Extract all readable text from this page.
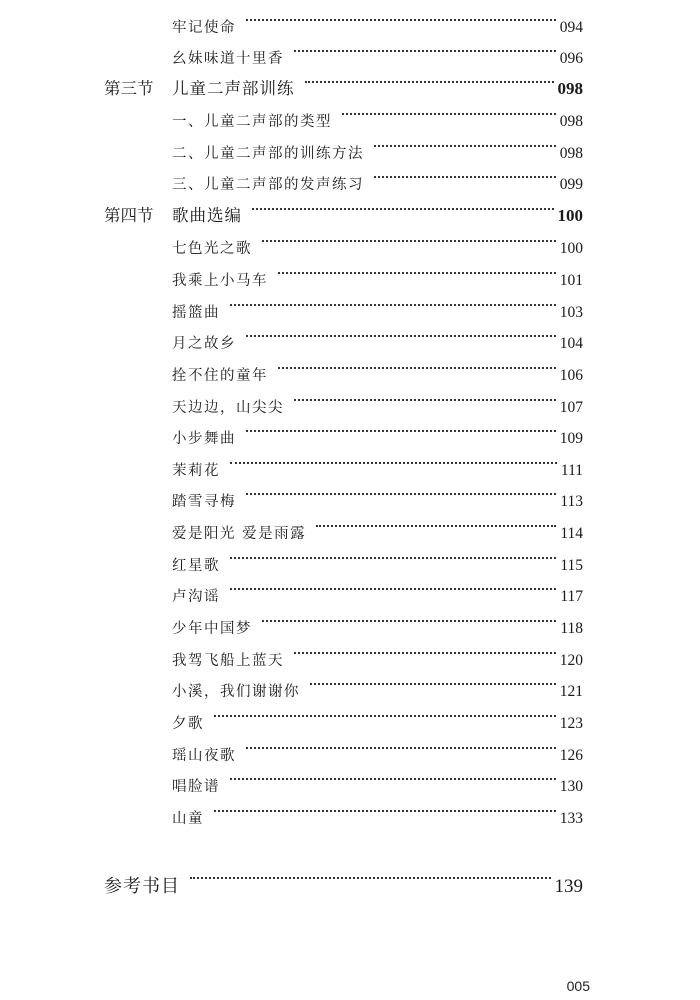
牢记使命	094
幺妹味道十里香	096
第三节	儿童二声部训练	098
一、儿童二声部的类型	098
二、儿童二声部的训练方法	098
三、儿童二声部的发声练习	099
第四节	歌曲选编	100
七色光之歌	100
我乘上小马车	101
摇篮曲	103
月之故乡	104
拴不住的童年	106
天边边，山尖尖	107
小步舞曲	109
茉莉花	111
踏雪寻梅	113
爱是阳光 爱是雨露	114
红星歌	115
卢沟谣	117
少年中国梦	118
我驾飞船上蓝天	120
小溪，我们谢谢你	121
夕歌	123
瑶山夜歌	126
唱脸谱	130
山童	133
参考书目	139
005
